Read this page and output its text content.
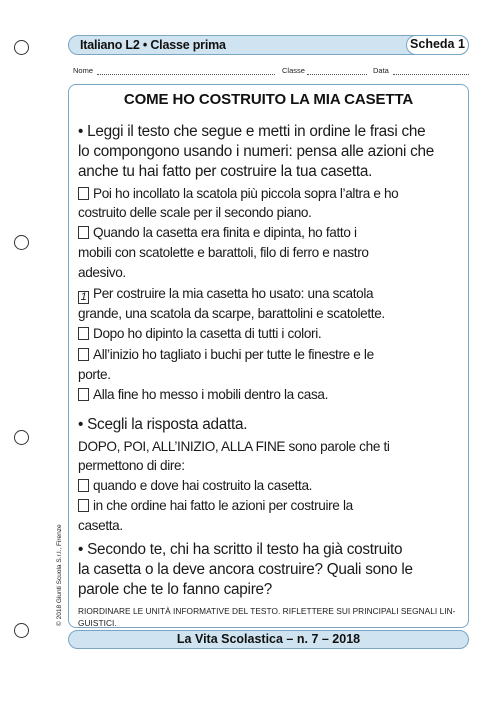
Italiano L2 • Classe prima	Scheda 1
Nome	Classe	Data
COME HO COSTRUITO LA MIA CASETTA
• Leggi il testo che segue e metti in ordine le frasi che
lo compongono usando i numeri: pensa alle azioni che
anche tu hai fatto per costruire la tua casetta.
Poi ho incollato la scatola più piccola sopra l’altra e ho
costruito delle scale per il secondo piano.
Quando la casetta era finita e dipinta, ho fatto i
mobili con scatolette e barattoli, filo di ferro e nastro
adesivo.
1 Per costruire la mia casetta ho usato: una scatola
grande, una scatola da scarpe, barattolini e scatolette.
Dopo ho dipinto la casetta di tutti i colori.
All’inizio ho tagliato i buchi per tutte le finestre e le
porte.
Alla fine ho messo i mobili dentro la casa.
• Scegli la risposta adatta.
DOPO, POI, ALL’INIZIO, ALLA FINE sono parole che ti
permettono di dire:
quando e dove hai costruito la casetta.
in che ordine hai fatto le azioni per costruire la
casetta.
• Secondo te, chi ha scritto il testo ha già costruito
la casetta o la deve ancora costruire? Quali sono le
parole che te lo fanno capire?
RIORDINARE LE UNITÀ INFORMATIVE DEL TESTO. RIFLETTERE SUI PRINCIPALI SEGNALI LIN-
GUISTICI.
© 2018 Giunti Scuola S.r.l., Firenze
La Vita Scolastica – n. 7 – 2018
